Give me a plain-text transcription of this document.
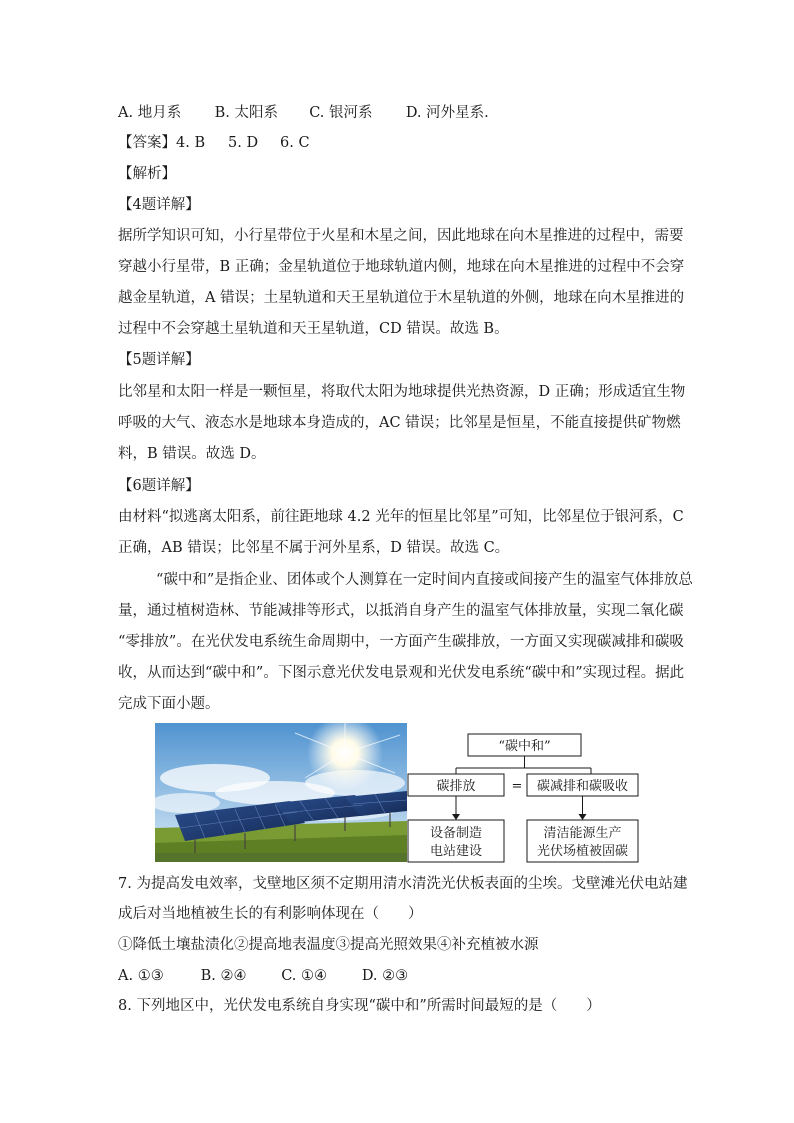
A. 地月系 B. 太阳系 C. 银河系 D. 河外星系.
【答案】4. B 5. D 6. C
【解析】
【4题详解】
据所学知识可知，小行星带位于火星和木星之间，因此地球在向木星推进的过程中，需要
穿越小行星带，B 正确；金星轨道位于地球轨道内侧，地球在向木星推进的过程中不会穿
越金星轨道，A 错误；土星轨道和天王星轨道位于木星轨道的外侧，地球在向木星推进的
过程中不会穿越土星轨道和天王星轨道，CD 错误。故选 B。
【5题详解】
比邻星和太阳一样是一颗恒星，将取代太阳为地球提供光热资源，D 正确；形成适宜生物
呼吸的大气、液态水是地球本身造成的，AC 错误；比邻星是恒星，不能直接提供矿物燃
料，B 错误。故选 D。
【6题详解】
由材料“拟逃离太阳系，前往距地球 4.2 光年的恒星比邻星”可知，比邻星位于银河系，C
正确，AB 错误；比邻星不属于河外星系，D 错误。故选 C。
“碳中和”是指企业、团体或个人测算在一定时间内直接或间接产生的温室气体排放总
量，通过植树造林、节能减排等形式，以抵消自身产生的温室气体排放量，实现二氧化碳
“零排放”。在光伏发电系统生命周期中，一方面产生碳排放，一方面又实现碳减排和碳吸
收，从而达到“碳中和”。下图示意光伏发电景观和光伏发电系统“碳中和”实现过程。据此
完成下面小题。
“碳中和”
碳排放	= 碳减排和碳吸收
设备制造
电站建设
清洁能源生产
光伏场植被固碳
7. 为提高发电效率，戈壁地区须不定期用清水清洗光伏板表面的尘埃。戈壁滩光伏电站建
成后对当地植被生长的有利影响体现在（　　）
①降低土壤盐渍化②提高地表温度③提高光照效果④补充植被水源
A. ①③	B. ②④ C. ①④ D. ②③
8. 下列地区中，光伏发电系统自身实现“碳中和”所需时间最短的是（　　）
